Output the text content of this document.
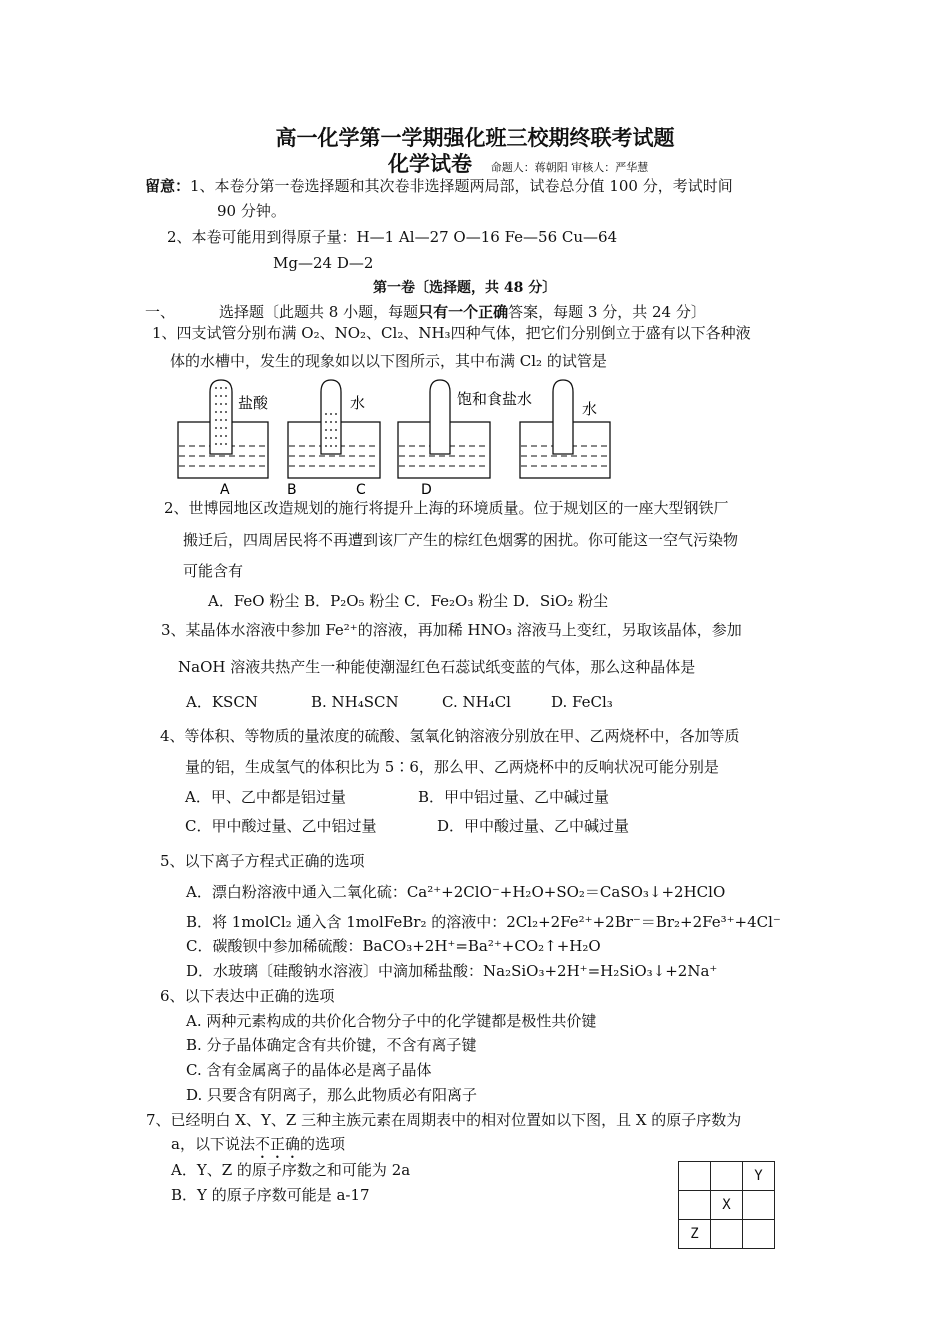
高一化学第一学期强化班三校期终联考试题
化学试卷 命题人：蒋朝阳 审核人：严华慧
留意：1、本卷分第一卷选择题和其次卷非选择题两局部，试卷总分值 100 分，考试时间
90 分钟。
2、本卷可能用到得原子量：H—1 Al—27 O—16 Fe—56 Cu—64
Mg—24 D—2
第一卷〔选择题，共 48 分〕
一、	选择题〔此题共 8 小题，每题只有一个正确答案，每题 3 分，共 24 分〕
1、四支试管分别布满 O₂、NO₂、Cl₂、NH₃四种气体，把它们分别倒立于盛有以下各种液
体的水槽中，发生的现象如以以下图所示，其中布满 Cl₂ 的试管是
盐酸	水	饱和食盐水
水
A	B	C	D
2、世博园地区改造规划的施行将提升上海的环境质量。位于规划区的一座大型钢铁厂
搬迁后，四周居民将不再遭到该厂产生的棕红色烟雾的困扰。你可能这一空气污染物
可能含有
A．FeO 粉尘 B．P₂O₅ 粉尘 C．Fe₂O₃ 粉尘 D．SiO₂ 粉尘
3、某晶体水溶液中参加 Fe²⁺的溶液，再加稀 HNO₃ 溶液马上变红，另取该晶体，参加
NaOH 溶液共热产生一种能使潮湿红色石蕊试纸变蓝的气体，那么这种晶体是
A．KSCN	B. NH₄SCN	C. NH₄Cl	D. FeCl₃
4、等体积、等物质的量浓度的硫酸、氢氧化钠溶液分别放在甲、乙两烧杯中，各加等质
量的铝，生成氢气的体积比为 5∶6，那么甲、乙两烧杯中的反响状况可能分别是
A．甲、乙中都是铝过量	B．甲中铝过量、乙中碱过量
C．甲中酸过量、乙中铝过量	D．甲中酸过量、乙中碱过量
5、以下离子方程式正确的选项
A．漂白粉溶液中通入二氧化硫：Ca²⁺+2ClO⁻+H₂O+SO₂＝CaSO₃↓+2HClO
B．将 1molCl₂ 通入含 1molFeBr₂ 的溶液中：2Cl₂+2Fe²⁺+2Br⁻＝Br₂+2Fe³⁺+4Cl⁻
C．碳酸钡中参加稀硫酸：BaCO₃+2H⁺=Ba²⁺+CO₂↑+H₂O
D．水玻璃〔硅酸钠水溶液〕中滴加稀盐酸：Na₂SiO₃+2H⁺=H₂SiO₃↓+2Na⁺
6、以下表达中正确的选项
A. 两种元素构成的共价化合物分子中的化学键都是极性共价键
B. 分子晶体确定含有共价键，不含有离子键
C. 含有金属离子的晶体必是离子晶体
D. 只要含有阴离子，那么此物质必有阳离子
7、已经明白 X、Y、Z 三种主族元素在周期表中的相对位置如以下图，且 X 的原子序数为
a，以下说法不正确的选项
A．Y、Z 的原子序数之和可能为 2a
B．Y 的原子序数可能是 a-17
		Y
	X	
Z		
